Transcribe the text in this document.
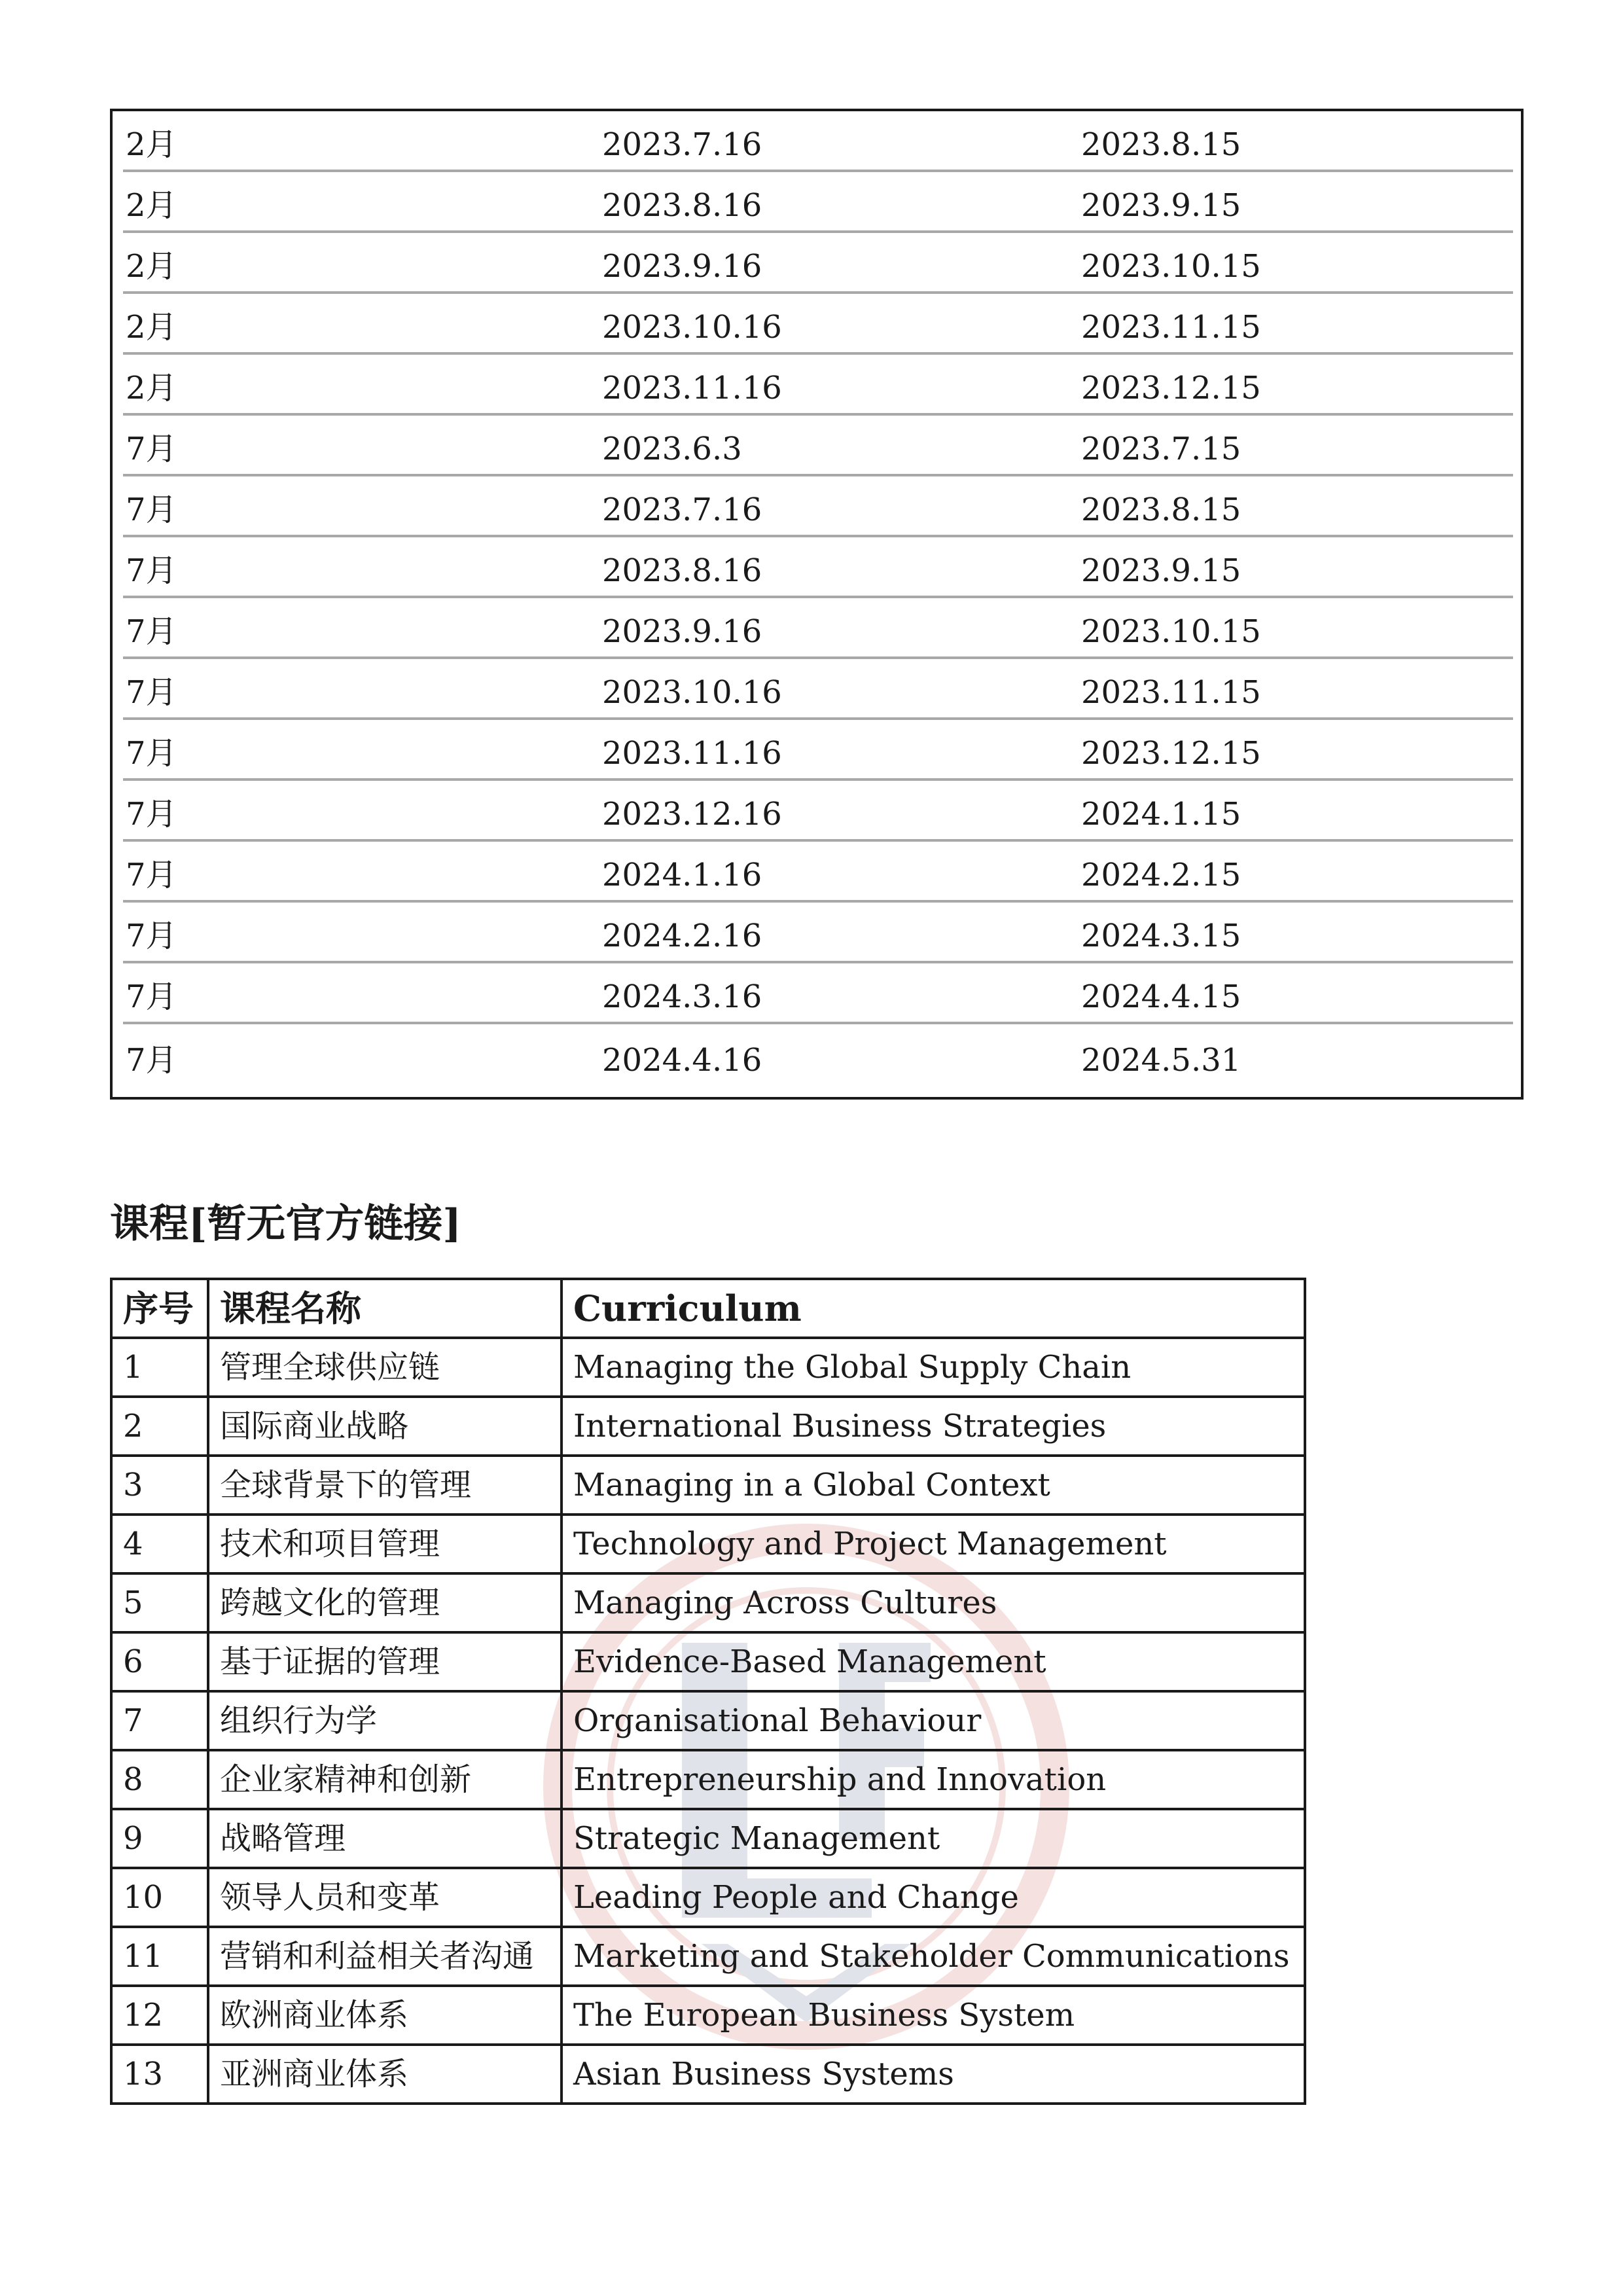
2月	2023.7.16	2023.8.15
2月	2023.8.16	2023.9.15
2月	2023.9.16	2023.10.15
2月	2023.10.16	2023.11.15
2月	2023.11.16	2023.12.15
7月	2023.6.3	2023.7.15
7月	2023.7.16	2023.8.15
7月	2023.8.16	2023.9.15
7月	2023.9.16	2023.10.15
7月	2023.10.16	2023.11.15
7月	2023.11.16	2023.12.15
7月	2023.12.16	2024.1.15
7月	2024.1.16	2024.2.15
7月	2024.2.16	2024.3.15
7月	2024.3.16	2024.4.15
7月	2024.4.16	2024.5.31
课程[暂无官方链接]
序号	课程名称	Curriculum
1	管理全球供应链	Managing the Global Supply Chain
2	国际商业战略	International Business Strategies
3	全球背景下的管理	Managing in a Global Context
4	技术和项目管理	Technology and Project Management
5	跨越文化的管理	Managing Across Cultures
6	基于证据的管理	Evidence-Based Management
7	组织行为学	Organisational Behaviour
8	企业家精神和创新	Entrepreneurship and Innovation
9	战略管理	Strategic Management
10	领导人员和变革	Leading People and Change
11	营销和利益相关者沟通	Marketing and Stakeholder Communications
12	欧洲商业体系	The European Business System
13	亚洲商业体系	Asian Business Systems
